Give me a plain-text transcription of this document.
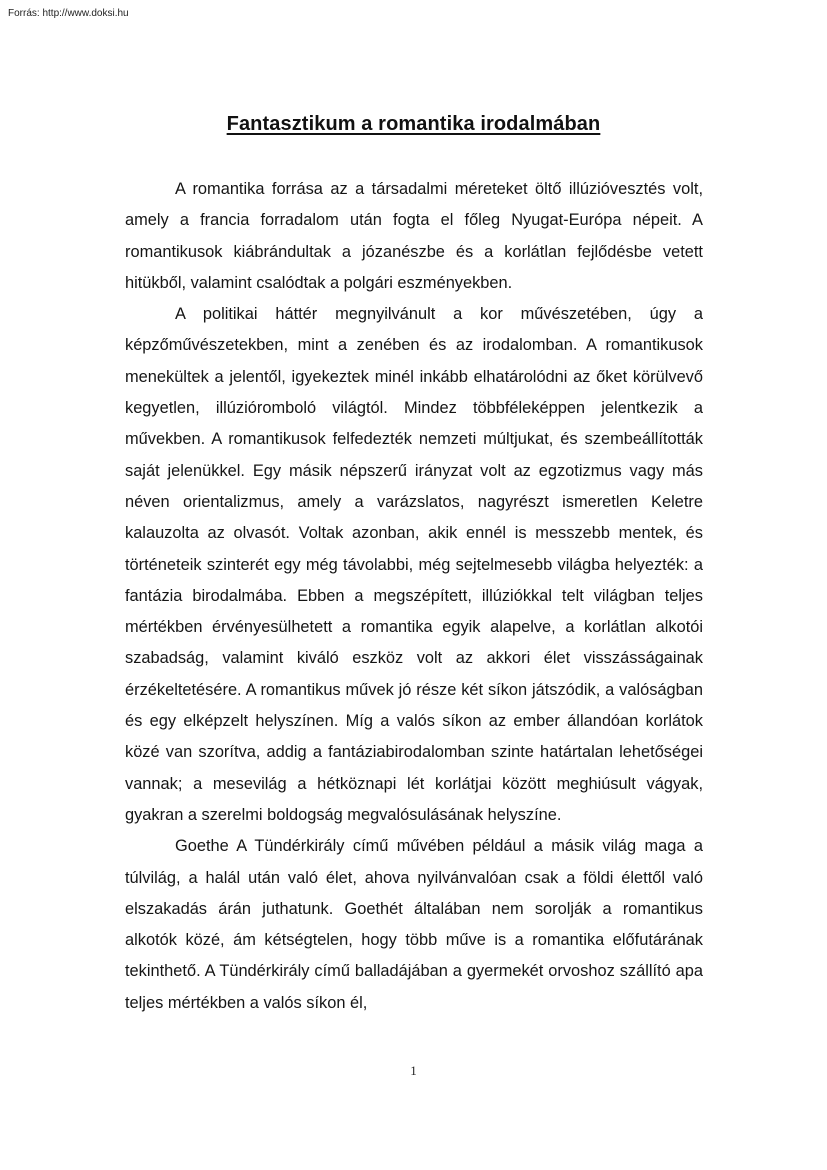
Forrás: http://www.doksi.hu
Fantasztikum a romantika irodalmában

A romantika forrása az a társadalmi méreteket öltő illúzióvesztés volt, amely a francia forradalom után fogta el főleg Nyugat-Európa népeit. A romantikusok kiábrándultak a józanészbe és a korlátlan fejlődésbe vetett hitükből, valamint csalódtak a polgári eszményekben.

A politikai háttér megnyilvánult a kor művészetében, úgy a képzőművészetekben, mint a zenében és az irodalomban. A romantikusok menekültek a jelentől, igyekeztek minél inkább elhatárolódni az őket körülvevő kegyetlen, illúzióromboló világtól. Mindez többféleképpen jelentkezik a művekben. A romantikusok felfedezték nemzeti múltjukat, és szembeállították saját jelenükkel. Egy másik népszerű irányzat volt az egzotizmus vagy más néven orientalizmus, amely a varázslatos, nagyrészt ismeretlen Keletre kalauzolta az olvasót. Voltak azonban, akik ennél is messzebb mentek, és történeteik szinterét egy még távolabbi, még sejtelmesebb világba helyezték: a fantázia birodalmába. Ebben a megszépített, illúziókkal telt világban teljes mértékben érvényesülhetett a romantika egyik alapelve, a korlátlan alkotói szabadság, valamint kiváló eszköz volt az akkori élet visszásságainak érzékeltetésére. A romantikus művek jó része két síkon játszódik, a valóságban és egy elképzelt helyszínen. Míg a valós síkon az ember állandóan korlátok közé van szorítva, addig a fantáziabirodalomban szinte határtalan lehetőségei vannak; a mesevilág a hétköznapi lét korlátjai között meghiúsult vágyak, gyakran a szerelmi boldogság megvalósulásának helyszíne.

Goethe A Tündérkirály című művében például a másik világ maga a túlvilág, a halál után való élet, ahova nyilvánvalóan csak a földi élettől való elszakadás árán juthatunk. Goethét általában nem sorolják a romantikus alkotók közé, ám kétségtelen, hogy több műve is a romantika előfutárának tekinthető. A Tündérkirály című balladájában a gyermekét orvoshoz szállító apa teljes mértékben a valós síkon él,

1
